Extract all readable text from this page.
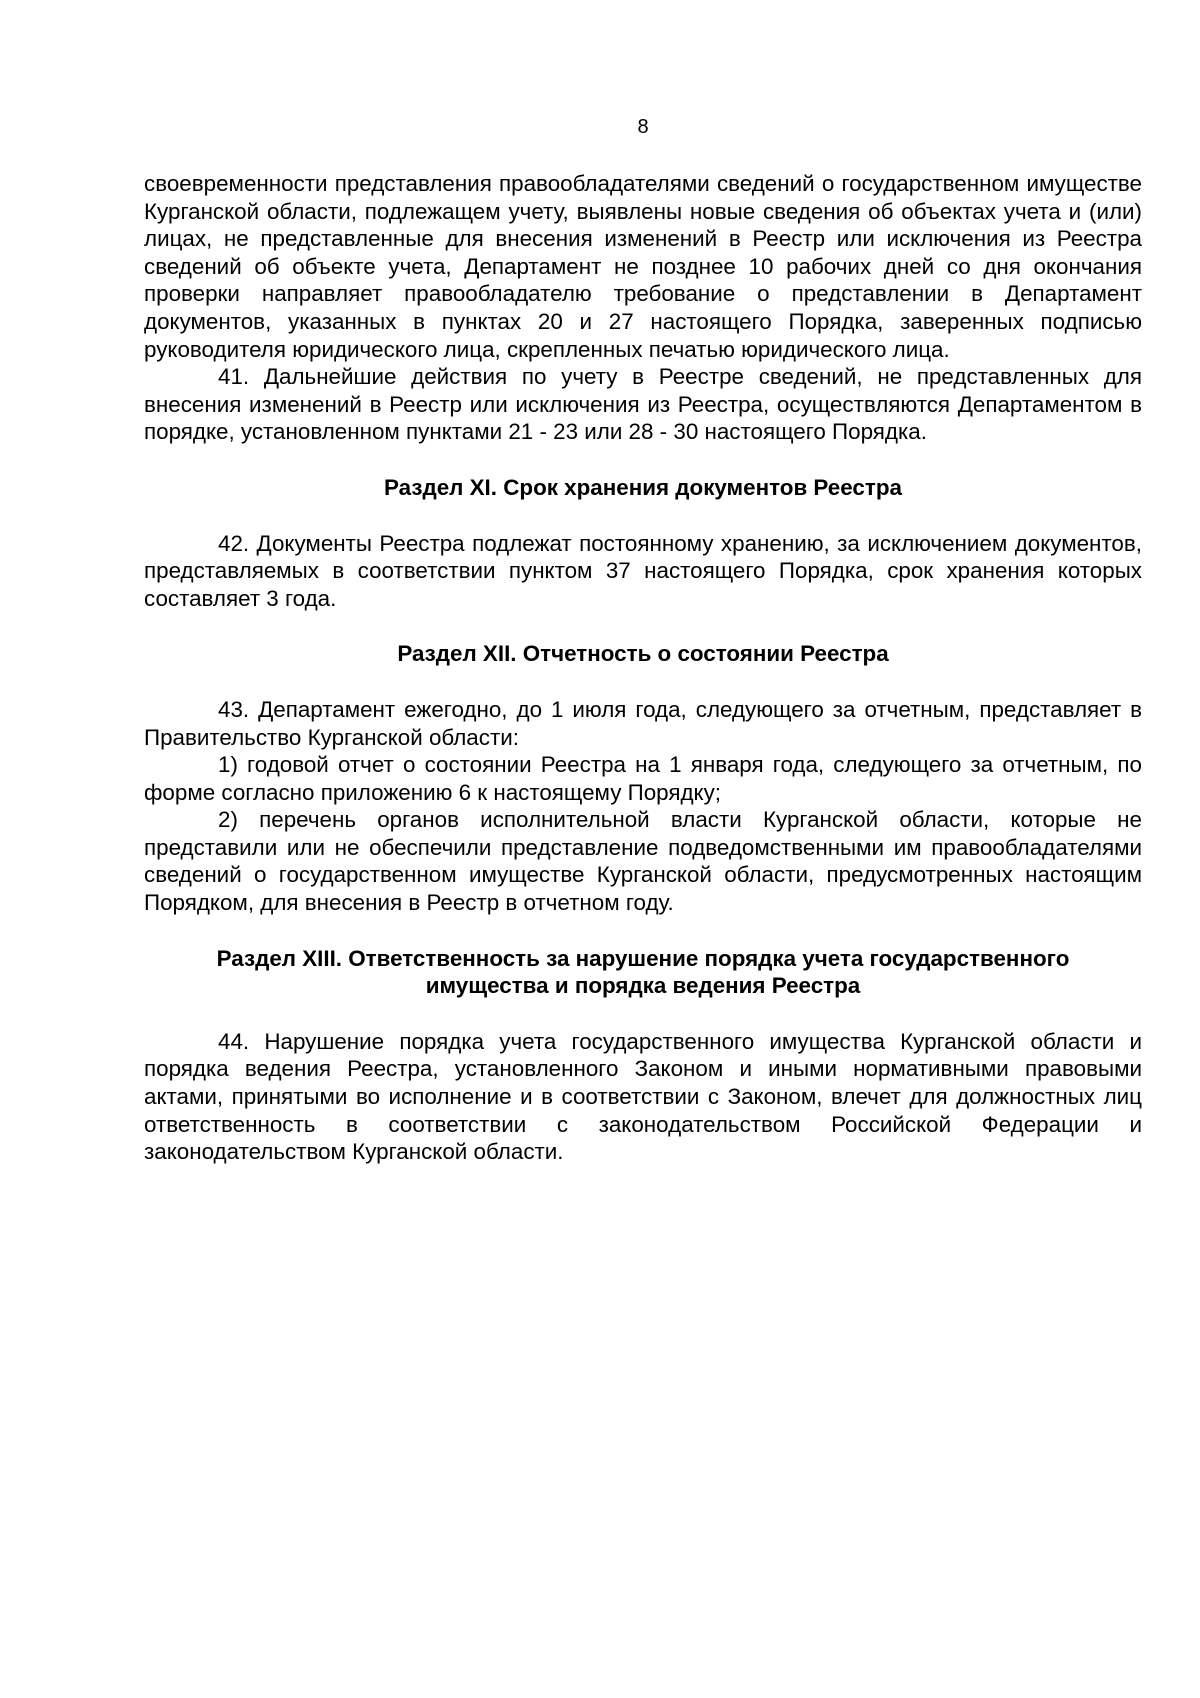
8

своевременности представления правообладателями сведений о государственном имуществе Курганской области, подлежащем учету, выявлены новые сведения об объектах учета и (или) лицах, не представленные для внесения изменений в Реестр или исключения из Реестра сведений об объекте учета, Департамент не позднее 10 рабочих дней со дня окончания проверки направляет правообладателю требование о представлении в Департамент документов, указанных в пунктах 20 и 27 настоящего Порядка, заверенных подписью руководителя юридического лица, скрепленных печатью юридического лица.

41. Дальнейшие действия по учету в Реестре сведений, не представленных для внесения изменений в Реестр или исключения из Реестра, осуществляются Департаментом в порядке, установленном пунктами 21 - 23 или 28 - 30 настоящего Порядка.

Раздел XI. Срок хранения документов Реестра

42. Документы Реестра подлежат постоянному хранению, за исключением документов, представляемых в соответствии пунктом 37 настоящего Порядка, срок хранения которых составляет 3 года.

Раздел XII. Отчетность о состоянии Реестра

43. Департамент ежегодно, до 1 июля года, следующего за отчетным, представляет в Правительство Курганской области:

1) годовой отчет о состоянии Реестра на 1 января года, следующего за отчетным, по форме согласно приложению 6 к настоящему Порядку;

2) перечень органов исполнительной власти Курганской области, которые не представили или не обеспечили представление подведомственными им правообладателями сведений о государственном имуществе Курганской области, предусмотренных настоящим Порядком, для внесения в Реестр в отчетном году.

Раздел XIII. Ответственность за нарушение порядка учета государственного
имущества и порядка ведения Реестра

44. Нарушение порядка учета государственного имущества Курганской области и порядка ведения Реестра, установленного Законом и иными нормативными правовыми актами, принятыми во исполнение и в соответствии с Законом, влечет для должностных лиц ответственность в соответствии с законодательством Российской Федерации и законодательством Курганской области.
